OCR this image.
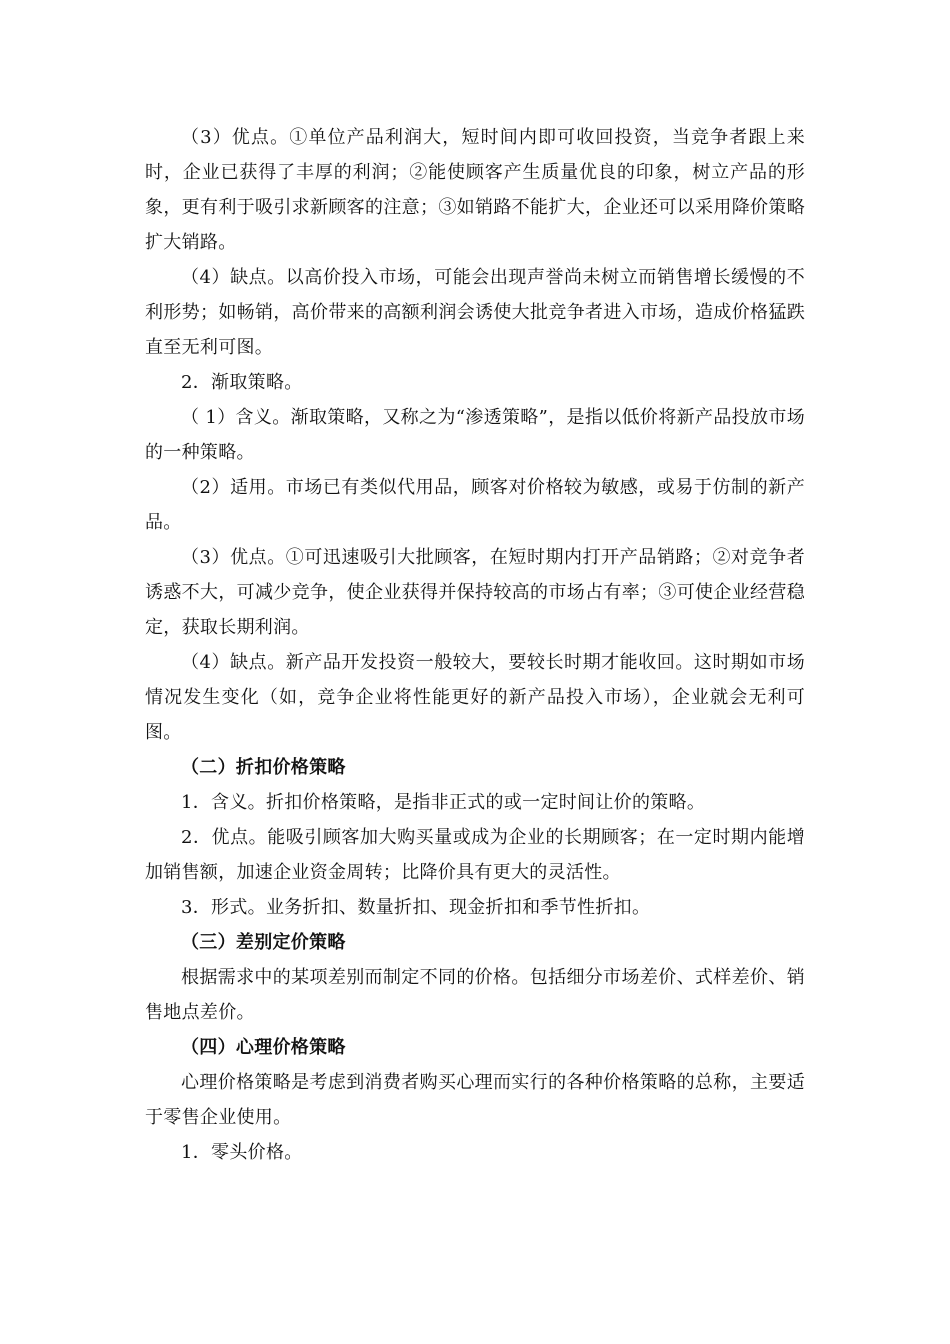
（3）优点。①单位产品利润大，短时间内即可收回投资，当竞争者跟上来时，企业已获得了丰厚的利润；②能使顾客产生质量优良的印象，树立产品的形象，更有利于吸引求新顾客的注意；③如销路不能扩大，企业还可以采用降价策略扩大销路。

（4）缺点。以高价投入市场，可能会出现声誉尚未树立而销售增长缓慢的不利形势；如畅销，高价带来的高额利润会诱使大批竞争者进入市场，造成价格猛跌直至无利可图。

2．渐取策略。

（ 1）含义。渐取策略，又称之为“渗透策略”，是指以低价将新产品投放市场的一种策略。

（2）适用。市场已有类似代用品，顾客对价格较为敏感，或易于仿制的新产品。

（3）优点。①可迅速吸引大批顾客，在短时期内打开产品销路；②对竞争者诱惑不大，可减少竞争，使企业获得并保持较高的市场占有率；③可使企业经营稳定，获取长期利润。

（4）缺点。新产品开发投资一般较大，要较长时期才能收回。这时期如市场情况发生变化（如，竞争企业将性能更好的新产品投入市场），企业就会无利可图。

（二）折扣价格策略

1．含义。折扣价格策略，是指非正式的或一定时间让价的策略。

2．优点。能吸引顾客加大购买量或成为企业的长期顾客；在一定时期内能增加销售额，加速企业资金周转；比降价具有更大的灵活性。

3．形式。业务折扣、数量折扣、现金折扣和季节性折扣。

（三）差别定价策略

根据需求中的某项差别而制定不同的价格。包括细分市场差价、式样差价、销售地点差价。

（四）心理价格策略

心理价格策略是考虑到消费者购买心理而实行的各种价格策略的总称，主要适于零售企业使用。

1．零头价格。
